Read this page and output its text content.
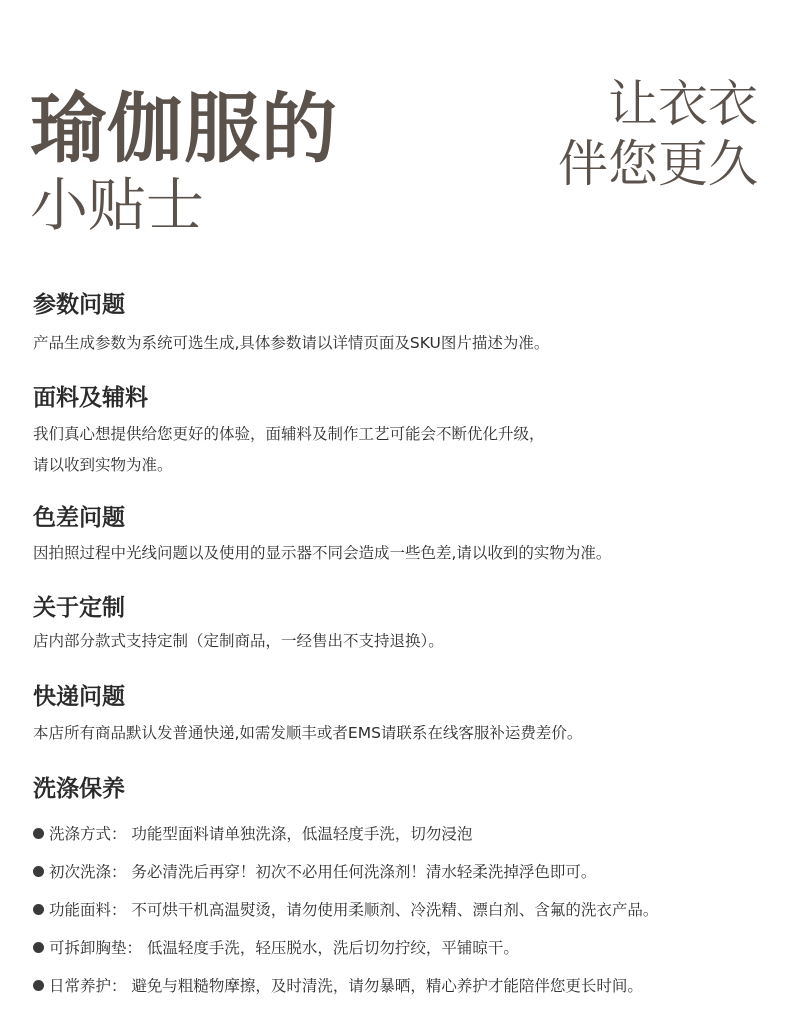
瑜伽服的
小贴士
让衣衣
伴您更久
参数问题

产品生成参数为系统可选生成,具体参数请以详情页面及SKU图片描述为准。

面料及辅料

我们真心想提供给您更好的体验，面辅料及制作工艺可能会不断优化升级，

请以收到实物为准。

色差问题

因拍照过程中光线问题以及使用的显示器不同会造成一些色差,请以收到的实物为准。

关于定制

店内部分款式支持定制（定制商品，一经售出不支持退换）。

快递问题

本店所有商品默认发普通快递,如需发顺丰或者EMS请联系在线客服补运费差价。

洗涤保养
洗涤方式： 功能型面料请单独洗涤，低温轻度手洗，切勿浸泡
初次洗涤： 务必清洗后再穿！初次不必用任何洗涤剂！清水轻柔洗掉浮色即可。
功能面料： 不可烘干机高温熨烫，请勿使用柔顺剂、冷洗精、漂白剂、含氟的洗衣产品。
可拆卸胸垫： 低温轻度手洗，轻压脱水，洗后切勿拧绞，平铺晾干。
日常养护： 避免与粗糙物摩擦，及时清洗，请勿暴晒，精心养护才能陪伴您更长时间。
